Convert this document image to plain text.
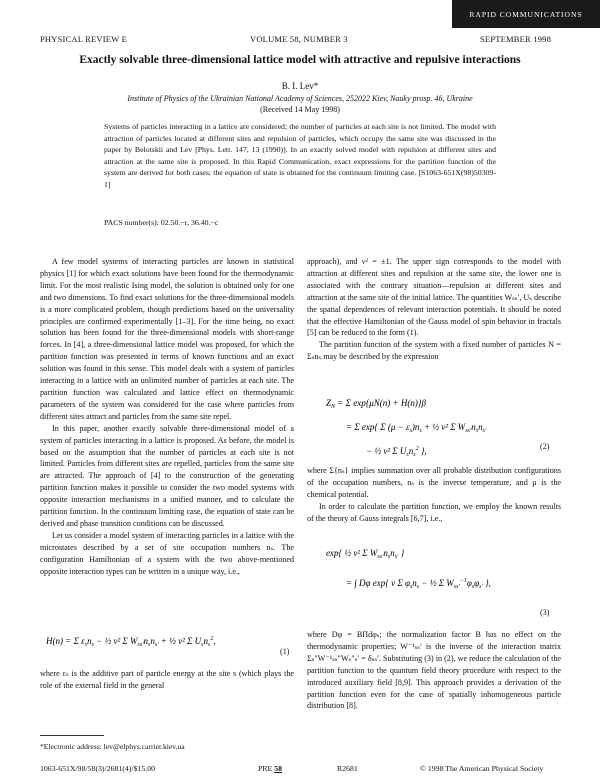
RAPID COMMUNICATIONS
PHYSICAL REVIEW E	VOLUME 58, NUMBER 3	SEPTEMBER 1998
Exactly solvable three-dimensional lattice model with attractive and repulsive interactions
B. I. Lev*
Institute of Physics of the Ukrainian National Academy of Sciences, 252022 Kiev, Nauky prosp. 46, Ukraine
(Received 14 May 1998)
Systems of particles interacting in a lattice are considered; the number of particles at each site is not limited. The model with attraction of particles located at different sites and repulsion of particles, which occupy the same site was discussed in the paper by Belotskii and Lev [Phys. Lett. 147, 13 (1990)]. In an exactly solved model with repulsion at different sites and attraction at the same site is proposed. In this Rapid Communication, exact expressions for the partition function of the system are derived for both cases; the equation of state is obtained for the continuum limiting case. [S1063-651X(98)50309-1]
PACS number(s): 02.50.−r, 36.40.−c

A few model systems of interacting particles are known in statistical physics [1] for which exact solutions have been found for the thermodynamic limit. For the most realistic Ising model, the solution is obtained only for one and two dimensions. To find exact solutions for the three-dimensional models is a more complicated problem, though predictions based on the universality principles are confirmed experimentally [1–3]. For the time being, no exact solution has been found for the three-dimensional models with short-range forces. In [4], a three-dimensional lattice model was proposed, for which the partition function was presented in terms of known functions and an exact solution was found in this sense. This model deals with a system of particles interacting in a lattice with an unlimited number of particles at each site. The partition function was calculated and lattice effect on thermodynamic parameters of the system was considered for the case where particles from different sites attract and particles from the same site repel.

In this paper, another exactly solvable three-dimensional model of a system of particles interacting in a lattice is proposed. As before, the model is based on the assumption that the number of particles at each site is not limited. Particles from different sites are repelled, particles from the same site are attracted. The approach of [4] to the construction of the generating partition function makes it possible to consider the two model systems with opposite interaction mechanisms in a unified manner, and to calculate the partition function. In the continuum limiting case, the equation of state can be derived and phase transition conditions can be discussed.

Let us consider a model system of interacting particles in a lattice with the microstates described by a set of site occupation numbers nₛ. The configuration Hamiltonian of a system with the two above-mentioned opposite interaction types can be written in a unique way, i.e.,

H(n) = Σ $\varepsilon_sn_s$ − ½ ν² Σ $W_{ss'}n_sn_{s'}$ + ½ ν² Σ $U_sn_s^2$,
(1)

where εₛ is the additive part of particle energy at the site s (which plays the role of the external field in the general

approach), and ν² = ±1. The upper sign corresponds to the model with attraction at different sites and repulsion at the same site, the lower one is associated with the contrary situation—repulsion at different sites and attraction at the same site of the initial lattice. The quantities Wₛₛ′, Uₛ describe the spatial dependences of relevant interaction potentials. It should be noted that the effective Hamiltonian of the Gauss model of spin behavior in fractals [5] can be reduced to the form (1).

The partition function of the system with a fixed number of particles N = Σₛnₛ may be described by the expression

$Z_N = \Sigma$ exp{μN(n) + H(n)}β
= Σ exp{ Σ $(\mu - \varepsilon_s)n_s$ + ½ ν² Σ $W_{ss'}n_sn_{s'}$
− ½ ν² Σ $U_sn_s^2$ },	(2)

where Σ{nₛ} implies summation over all probable distribution configurations of the occupation numbers, nₛ is the inverse temperature, and μ is the chemical potential.

In order to calculate the partition function, we employ the known results of the theory of Gauss integrals [6,7], i.e.,

exp{ ½ ν² Σ $W_{ss'}n_sn_{s'}$ }
= ∫ Dφ exp{ ν Σ $\varphi_sn_s$ − ½ Σ $W_{ss'}^{-1}\varphi_s\varphi_{s'}$ },
(3)

where Dφ = BΠdφₛ; the normalization factor B has no effect on the thermodynamic properties; W⁻¹ₛₛ′ is the inverse of the interaction matrix Σₛ″W⁻¹ₛₛ″Wₛ″ₛ′ = δₛₛ′. Substituting (3) in (2), we reduce the calculation of the partition function to the quantum field theory procedure with respect to the introduced auxiliary field [8,9]. This approach provides a derivation of the partition function even for the case of spatially inhomogeneous particle distribution [8].

*Electronic address: lev@elphys.carrier.kiev.ua
1063-651X/98/58(3)/2681(4)/$15.00	PRE 58	R2681	© 1998 The American Physical Society
